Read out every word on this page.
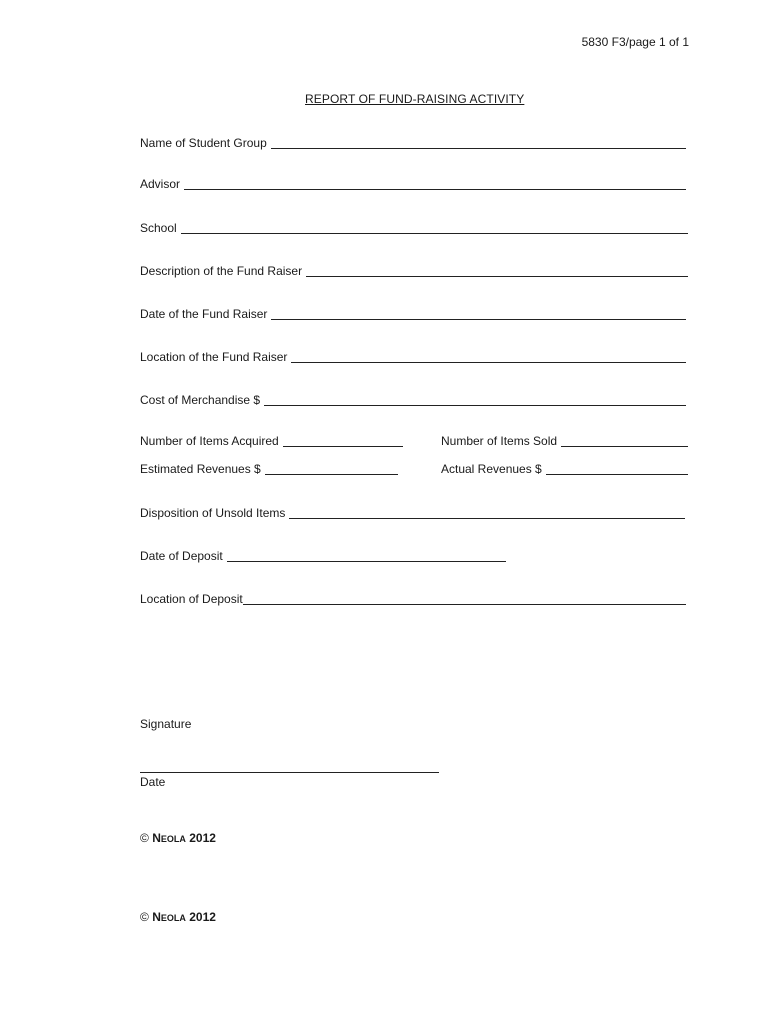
5830 F3/page 1 of 1
REPORT OF FUND-RAISING ACTIVITY
Name of Student Group
Advisor
School
Description of the Fund Raiser
Date of the Fund Raiser
Location of the Fund Raiser
Cost of Merchandise $
Number of Items Acquired	Number of Items Sold
Estimated Revenues $	Actual Revenues $
Disposition of Unsold Items
Date of Deposit
Location of Deposit
Signature
Date
© NEOLA 2012
© NEOLA 2012
